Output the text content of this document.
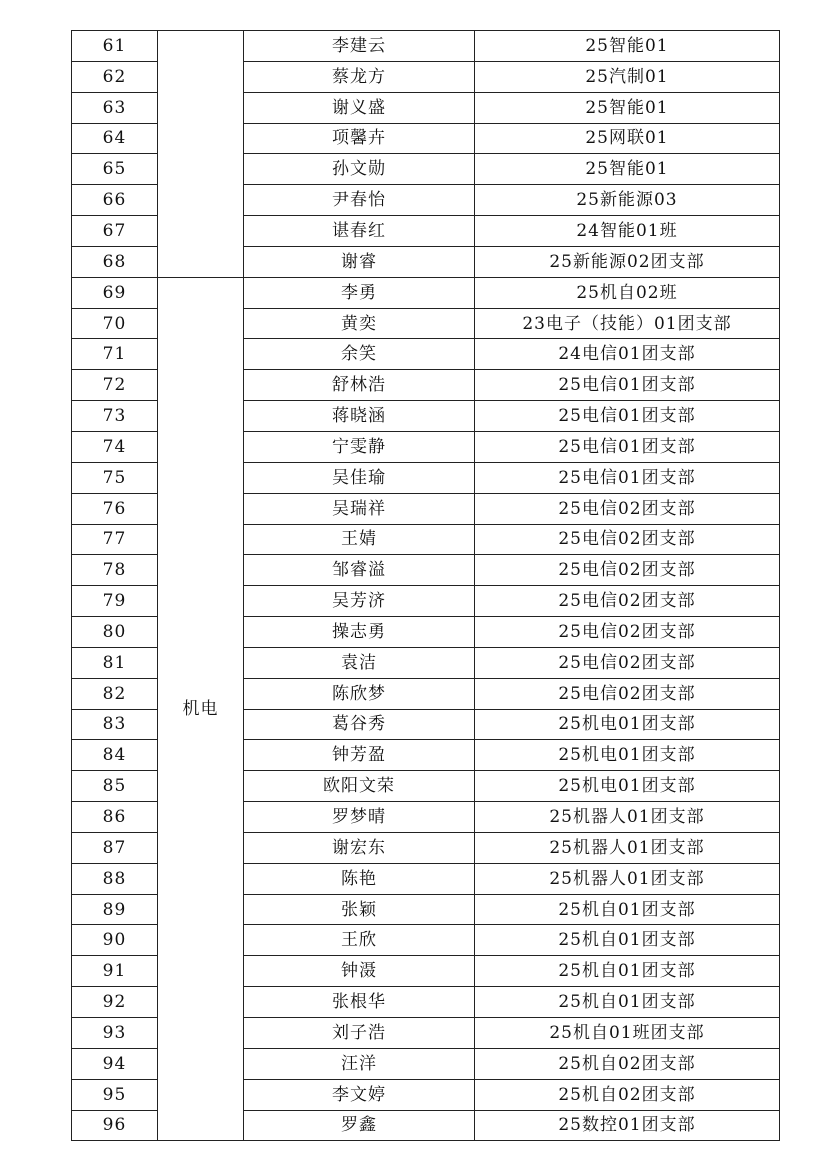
61		李建云	25智能01
62		蔡龙方	25汽制01
63		谢义盛	25智能01
64		项馨卉	25网联01
65		孙文勋	25智能01
66		尹春怡	25新能源03
67		谌春红	24智能01班
68		谢睿	25新能源02团支部
69	机电	李勇	25机自02班
70		黄奕	23电子（技能）01团支部
71		余笑	24电信01团支部
72		舒林浩	25电信01团支部
73		蒋晓涵	25电信01团支部
74		宁雯静	25电信01团支部
75		吴佳瑜	25电信01团支部
76		吴瑞祥	25电信02团支部
77		王婧	25电信02团支部
78		邹睿溢	25电信02团支部
79		吴芳济	25电信02团支部
80		操志勇	25电信02团支部
81		袁洁	25电信02团支部
82		陈欣梦	25电信02团支部
83		葛谷秀	25机电01团支部
84		钟芳盈	25机电01团支部
85		欧阳文荣	25机电01团支部
86		罗梦晴	25机器人01团支部
87		谢宏东	25机器人01团支部
88		陈艳	25机器人01团支部
89		张颖	25机自01团支部
90		王欣	25机自01团支部
91		钟滠	25机自01团支部
92		张根华	25机自01团支部
93		刘子浩	25机自01班团支部
94		汪洋	25机自02团支部
95		李文婷	25机自02团支部
96		罗鑫	25数控01团支部
